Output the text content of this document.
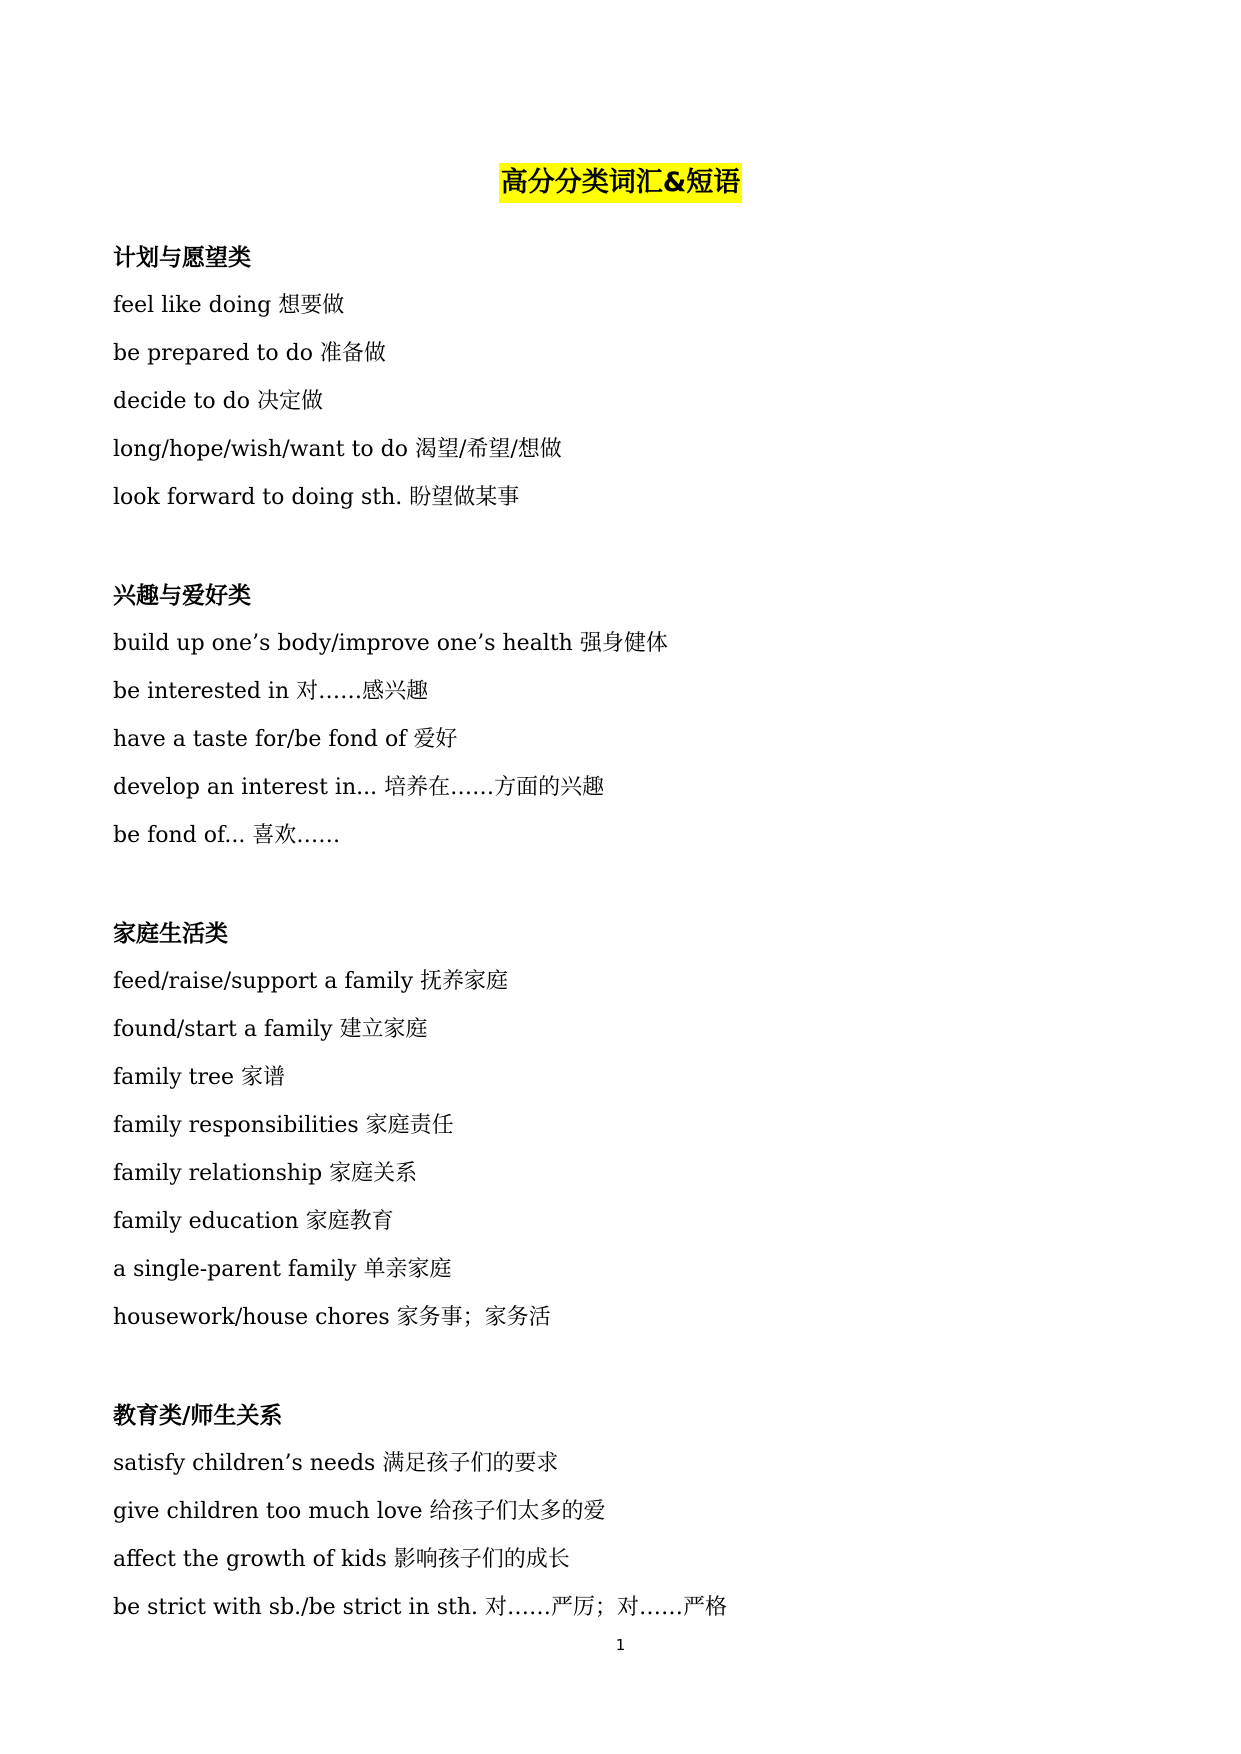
高分分类词汇&短语
计划与愿望类
feel like doing 想要做
be prepared to do 准备做
decide to do 决定做
long/hope/wish/want to do 渴望/希望/想做
look forward to doing sth. 盼望做某事
兴趣与爱好类
build up one’s body/improve one’s health 强身健体
be interested in 对……感兴趣
have a taste for/be fond of 爱好
develop an interest in... 培养在……方面的兴趣
be fond of... 喜欢……
家庭生活类
feed/raise/support a family 抚养家庭
found/start a family 建立家庭
family tree 家谱
family responsibilities 家庭责任
family relationship 家庭关系
family education 家庭教育
a single-parent family 单亲家庭
housework/house chores 家务事；家务活
教育类/师生关系
satisfy children’s needs 满足孩子们的要求
give children too much love 给孩子们太多的爱
affect the growth of kids 影响孩子们的成长
be strict with sb./be strict in sth. 对……严厉；对……严格
1
